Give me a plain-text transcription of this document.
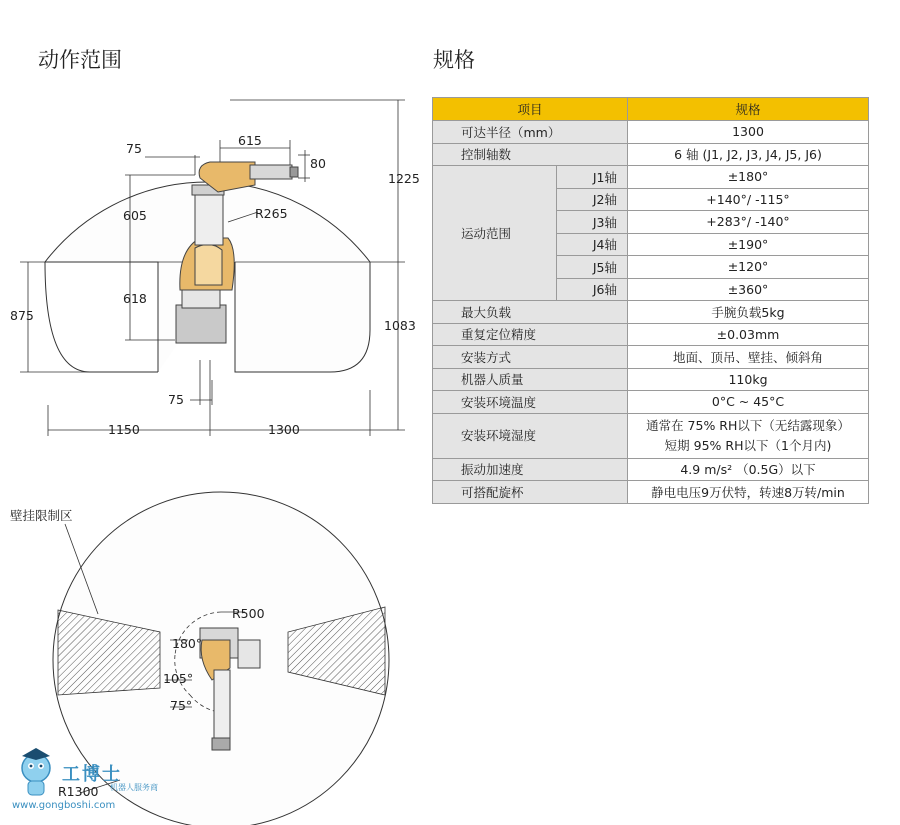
动作范围	规格
75
615
80
605	R265
1225
875
618
1083
75
1150	1300
壁挂限制区
R500
180°
105°
75°
R1300
项目		规格
可达半径（mm）		1300
控制轴数		6 轴 (J1, J2, J3, J4, J5, J6)
运动范围	J1轴	±180°
	J2轴	+140°/ -115°
	J3轴	+283°/ -140°
	J4轴	±190°
	J5轴	±120°
	J6轴	±360°
最大负载		手腕负载5kg
重复定位精度		±0.03mm
安装方式		地面、顶吊、壁挂、倾斜角
机器人质量		110kg
安装环境温度		0°C ~ 45°C
安装环境湿度		通常在 75% RH以下（无结露现象）
短期 95% RH以下（1个月内)

振动加速度		4.9 m/s² （0.5G）以下
可搭配旋杯		静电电压9万伏特，转速8万转/min
工博士
机器人服务商
www.gongboshi.com
